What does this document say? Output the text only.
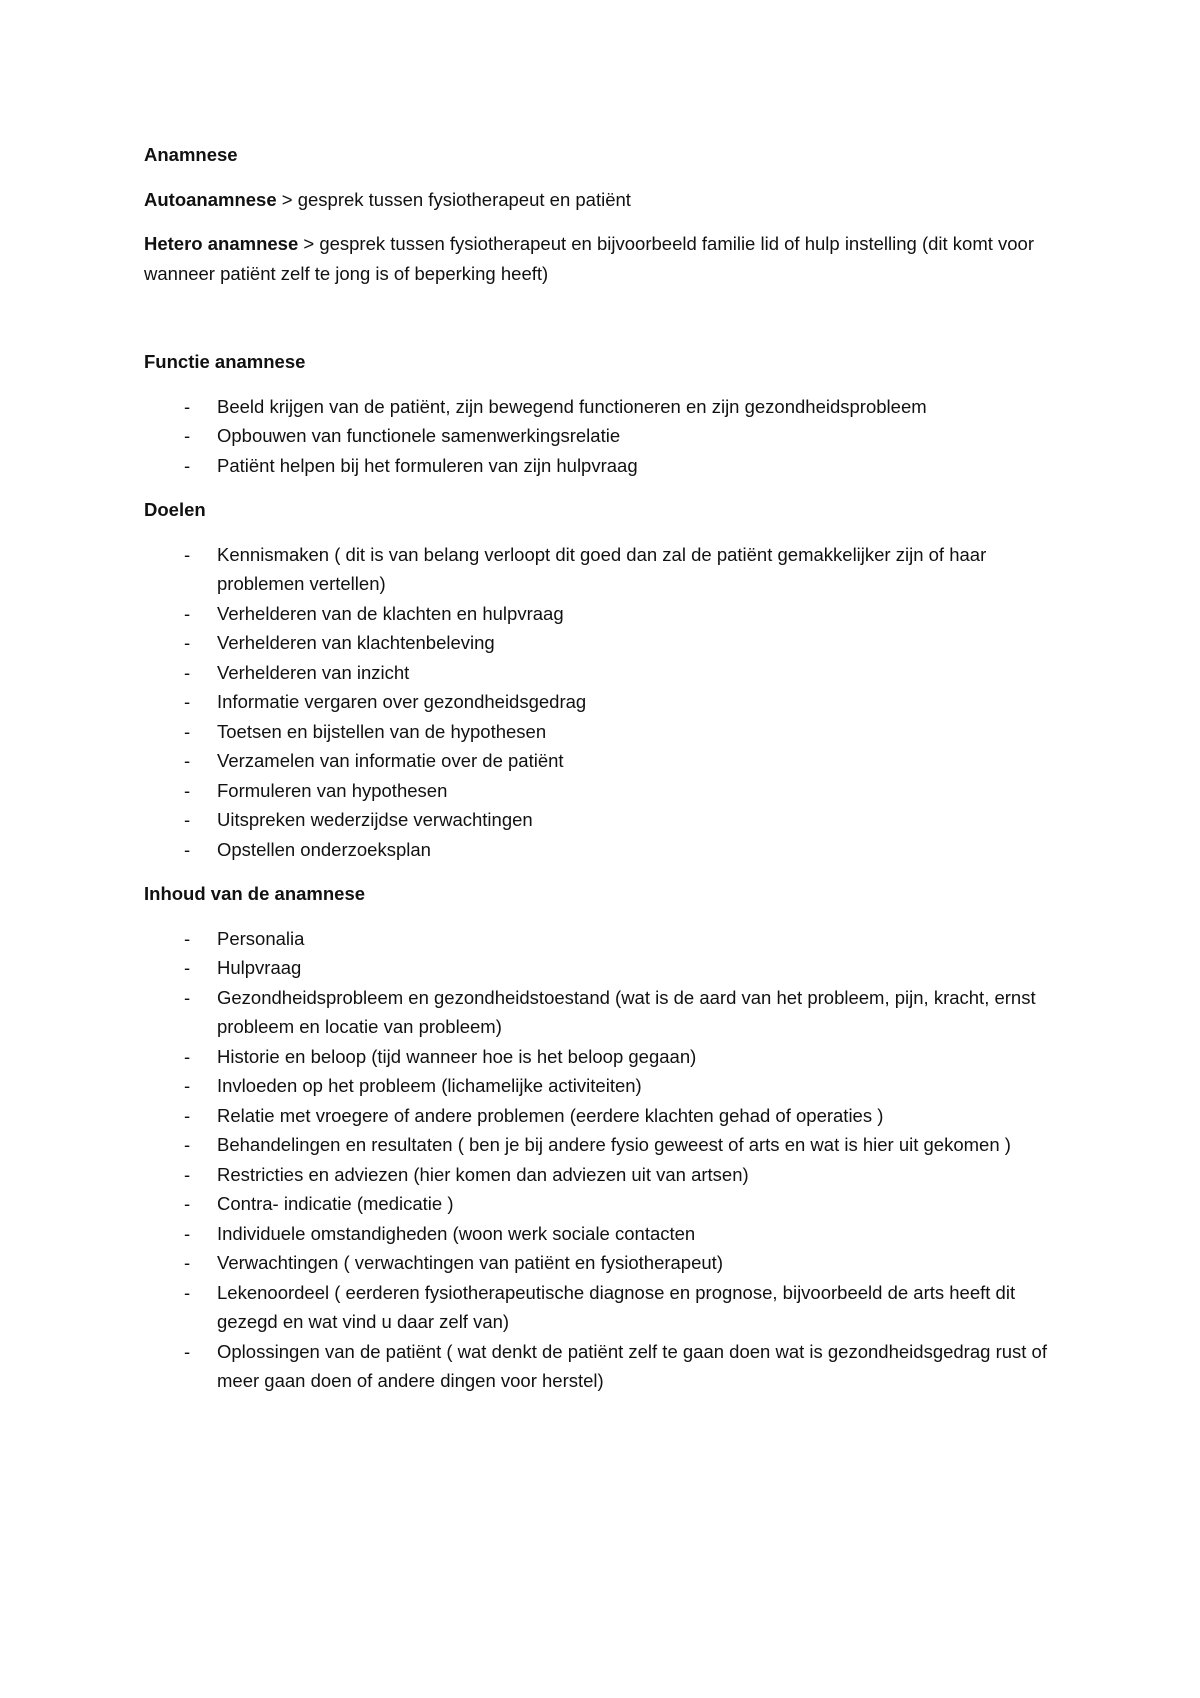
Anamnese
Autoanamnese > gesprek tussen fysiotherapeut en patiënt
Hetero anamnese > gesprek tussen fysiotherapeut en bijvoorbeeld familie lid of hulp instelling (dit komt voor wanneer patiënt zelf te jong is of beperking heeft)
Functie anamnese
- Beeld krijgen van de patiënt, zijn bewegend functioneren en zijn gezondheidsprobleem
- Opbouwen van functionele samenwerkingsrelatie
- Patiënt helpen bij het formuleren van zijn hulpvraag
Doelen
- Kennismaken ( dit is van belang verloopt dit goed dan zal de patiënt gemakkelijker zijn of haar problemen vertellen)
- Verhelderen van de klachten en hulpvraag
- Verhelderen van klachtenbeleving
- Verhelderen van inzicht
- Informatie vergaren over gezondheidsgedrag
- Toetsen en bijstellen van de hypothesen
- Verzamelen van informatie over de patiënt
- Formuleren van hypothesen
- Uitspreken wederzijdse verwachtingen
- Opstellen onderzoeksplan
Inhoud van de anamnese
- Personalia
- Hulpvraag
- Gezondheidsprobleem en gezondheidstoestand (wat is de aard van het probleem, pijn, kracht, ernst probleem en locatie van probleem)
- Historie en beloop (tijd wanneer hoe is het beloop gegaan)
- Invloeden op het probleem (lichamelijke activiteiten)
- Relatie met vroegere of andere problemen (eerdere klachten gehad of operaties )
- Behandelingen en resultaten ( ben je bij andere fysio geweest of arts en wat is hier uit gekomen )
- Restricties en adviezen (hier komen dan adviezen uit van artsen)
- Contra- indicatie (medicatie )
- Individuele omstandigheden (woon werk sociale contacten
- Verwachtingen ( verwachtingen van patiënt en fysiotherapeut)
- Lekenoordeel ( eerderen fysiotherapeutische diagnose en prognose, bijvoorbeeld de arts heeft dit gezegd en wat vind u daar zelf van)
- Oplossingen van de patiënt ( wat denkt de patiënt zelf te gaan doen wat is gezondheidsgedrag rust of meer gaan doen of andere dingen voor herstel)
